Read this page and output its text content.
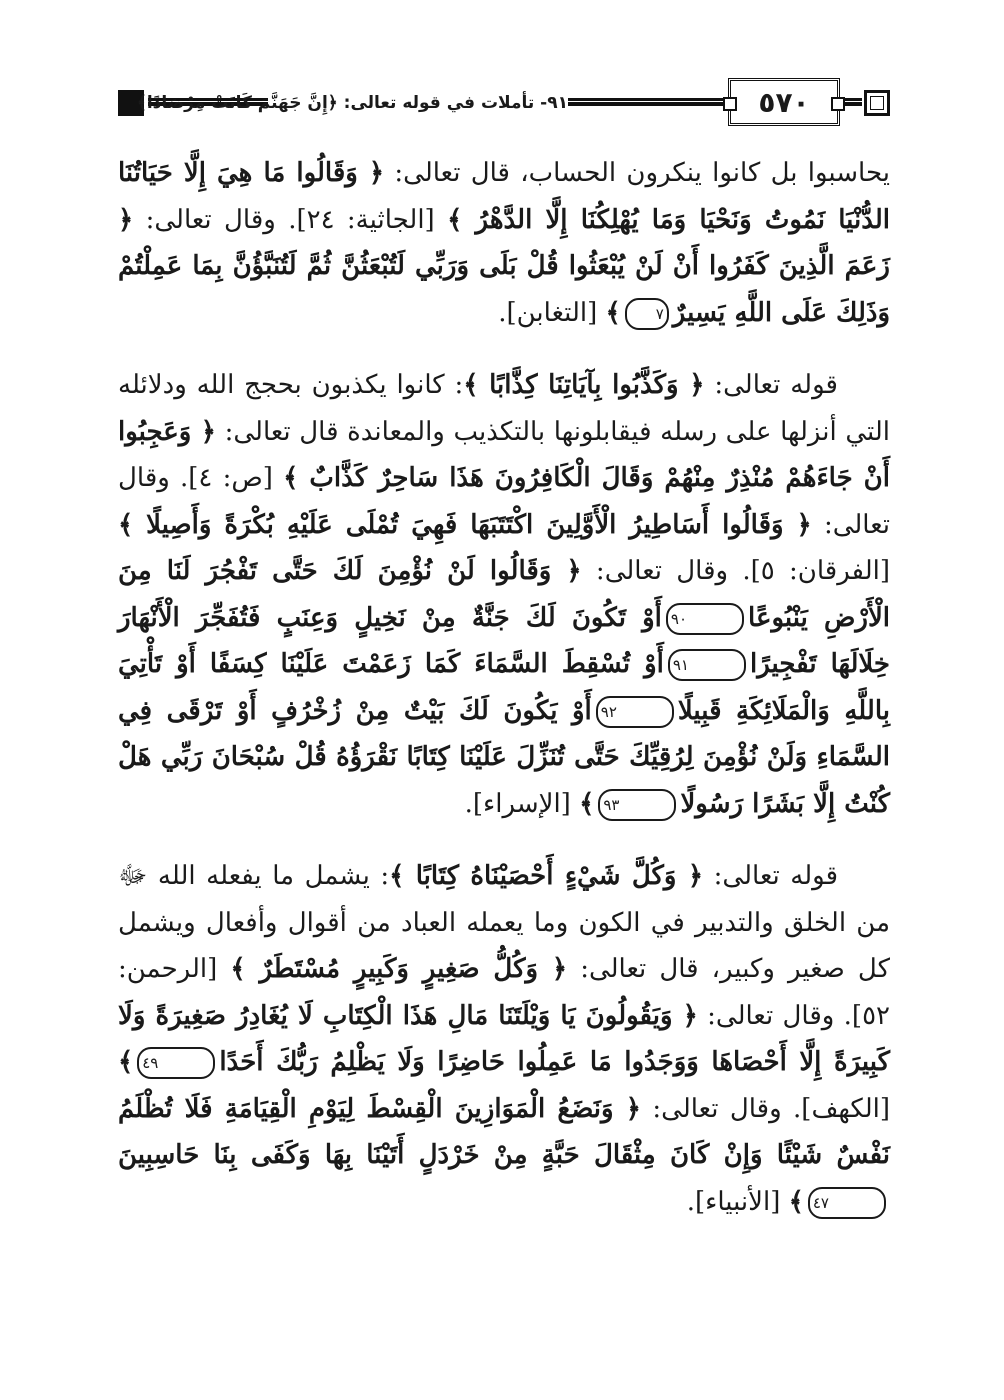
٩١- تأملات في قوله تعالى: ﴿إِنَّ جَهَنَّمَ كَانَتْ مِرْصَادًا﴾	٥٧٠

يحاسبوا بل كانوا ينكرون الحساب، قال تعالى: ﴿ وَقَالُوا مَا هِيَ إِلَّا حَيَاتُنَا الدُّنْيَا نَمُوتُ وَنَحْيَا وَمَا يُهْلِكُنَا إِلَّا الدَّهْرُ ﴾ [الجاثية: ٢٤]. وقال تعالى: ﴿ زَعَمَ الَّذِينَ كَفَرُوا أَنْ لَنْ يُبْعَثُوا قُلْ بَلَى وَرَبِّي لَتُبْعَثُنَّ ثُمَّ لَتُنَبَّؤُنَّ بِمَا عَمِلْتُمْ وَذَلِكَ عَلَى اللَّهِ يَسِيرٌ٧﴾ [التغابن].

قوله تعالى: ﴿ وَكَذَّبُوا بِآيَاتِنَا كِذَّابًا ﴾: كانوا يكذبون بحجج الله ودلائله التي أنزلها على رسله فيقابلونها بالتكذيب والمعاندة قال تعالى: ﴿ وَعَجِبُوا أَنْ جَاءَهُمْ مُنْذِرٌ مِنْهُمْ وَقَالَ الْكَافِرُونَ هَذَا سَاحِرٌ كَذَّابٌ ﴾ [ص: ٤]. وقال تعالى: ﴿ وَقَالُوا أَسَاطِيرُ الْأَوَّلِينَ اكْتَتَبَهَا فَهِيَ تُمْلَى عَلَيْهِ بُكْرَةً وَأَصِيلًا ﴾ [الفرقان: ٥]. وقال تعالى: ﴿ وَقَالُوا لَنْ نُؤْمِنَ لَكَ حَتَّى تَفْجُرَ لَنَا مِنَ الْأَرْضِ يَنْبُوعًا٩٠أَوْ تَكُونَ لَكَ جَنَّةٌ مِنْ نَخِيلٍ وَعِنَبٍ فَتُفَجِّرَ الْأَنْهَارَ خِلَالَهَا تَفْجِيرًا٩١أَوْ تُسْقِطَ السَّمَاءَ كَمَا زَعَمْتَ عَلَيْنَا كِسَفًا أَوْ تَأْتِيَ بِاللَّهِ وَالْمَلَائِكَةِ قَبِيلًا٩٢أَوْ يَكُونَ لَكَ بَيْتٌ مِنْ زُخْرُفٍ أَوْ تَرْقَى فِي السَّمَاءِ وَلَنْ نُؤْمِنَ لِرُقِيِّكَ حَتَّى تُنَزِّلَ عَلَيْنَا كِتَابًا نَقْرَؤُهُ قُلْ سُبْحَانَ رَبِّي هَلْ كُنْتُ إِلَّا بَشَرًا رَسُولًا٩٣﴾ [الإسراء].

قوله تعالى: ﴿ وَكُلَّ شَيْءٍ أَحْصَيْنَاهُ كِتَابًا ﴾: يشمل ما يفعله الله ﷻ من الخلق والتدبير في الكون وما يعمله العباد من أقوال وأفعال ويشمل كل صغير وكبير، قال تعالى: ﴿ وَكُلُّ صَغِيرٍ وَكَبِيرٍ مُسْتَطَرٌ ﴾ [الرحمن: ٥٢]. وقال تعالى: ﴿ وَيَقُولُونَ يَا وَيْلَتَنَا مَالِ هَذَا الْكِتَابِ لَا يُغَادِرُ صَغِيرَةً وَلَا كَبِيرَةً إِلَّا أَحْصَاهَا وَوَجَدُوا مَا عَمِلُوا حَاضِرًا وَلَا يَظْلِمُ رَبُّكَ أَحَدًا٤٩﴾ [الكهف]. وقال تعالى: ﴿ وَنَضَعُ الْمَوَازِينَ الْقِسْطَ لِيَوْمِ الْقِيَامَةِ فَلَا تُظْلَمُ نَفْسٌ شَيْئًا وَإِنْ كَانَ مِثْقَالَ حَبَّةٍ مِنْ خَرْدَلٍ أَتَيْنَا بِهَا وَكَفَى بِنَا حَاسِبِينَ٤٧﴾ [الأنبياء].
